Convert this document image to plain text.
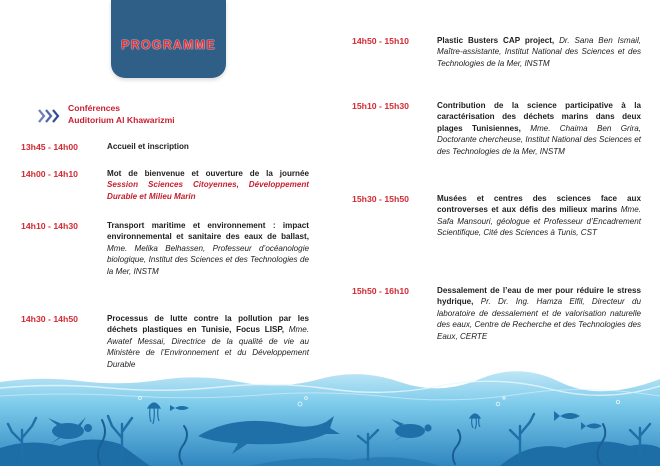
PROGRAMME
Conférences
Auditorium Al Khawarizmi
13h45 - 14h00	Accueil et inscription
14h00 - 14h10	Mot de bienvenue et ouverture de la journée Session Sciences Citoyennes, Développement Durable et Milieu Marin
14h10 - 14h30	Transport maritime et environnement : impact environnemental et sanitaire des eaux de ballast, Mme. Melika Belhassen, Professeur d’océanologie biologique, Institut des Sciences et des Technologies de la Mer, INSTM
14h30 - 14h50	Processus de lutte contre la pollution par les déchets plastiques en Tunisie, Focus LISP, Mme. Awatef Messai, Directrice de la qualité de vie au Ministère de l’Environnement et du Développement Durable
14h50 - 15h10	Plastic Busters CAP project, Dr. Sana Ben Ismail, Maître-assistante, Institut National des Sciences et des Technologies de la Mer, INSTM
15h10 - 15h30	Contribution de la science participative à la caractérisation des déchets marins dans deux plages Tunisiennes, Mme. Chaima Ben Grira, Doctorante chercheuse, Institut National des Sciences et des Technologies de la Mer, INSTM
15h30 - 15h50	Musées et centres des sciences face aux controverses et aux défis des milieux marins Mme. Safa Mansouri, géologue et Professeur d’Encadrement Scientifique, Cité des Sciences à Tunis, CST
15h50 - 16h10	Dessalement de l’eau de mer pour réduire le stress hydrique, Pr. Dr. Ing. Hamza Elfil, Directeur du laboratoire de dessalement et de valorisation naturelle des eaux, Centre de Recherche et des Technologies des Eaux, CERTE
